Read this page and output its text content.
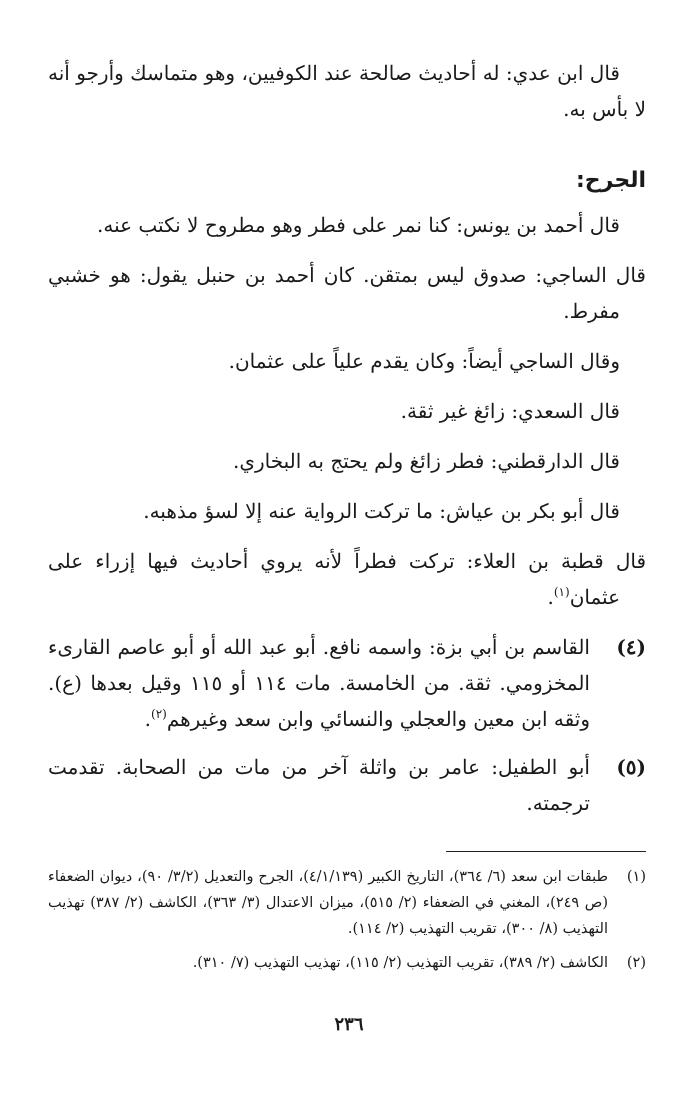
قال ابن عدي: له أحاديث صالحة عند الكوفيين، وهو متماسك وأرجو أنه لا بأس به.

الجرح:

قال أحمد بن يونس: كنا نمر على فطر وهو مطروح لا نكتب عنه.

قال الساجي: صدوق ليس بمتقن. كان أحمد بن حنبل يقول: هو خشبي مفرط.

وقال الساجي أيضاً: وكان يقدم علياً على عثمان.

قال السعدي: زائغ غير ثقة.

قال الدارقطني: فطر زائغ ولم يحتج به البخاري.

قال أبو بكر بن عياش: ما تركت الرواية عنه إلا لسؤ مذهبه.

قال قطبة بن العلاء: تركت فطراً لأنه يروي أحاديث فيها إزراء على عثمان$^{(١)}$.

(٤)

القاسم بن أبي بزة: واسمه نافع. أبو عبد الله أو أبو عاصم القارىء المخزومي. ثقة. من الخامسة. مات ١١٤ أو ١١٥ وقيل بعدها (ع). وثقه ابن معين والعجلي والنسائي وابن سعد وغيرهم$^{(٢)}$.

(٥)

أبو الطفيل: عامر بن واثلة آخر من مات من الصحابة. تقدمت ترجمته.

(١)
طبقات ابن سعد (٦/ ٣٦٤)، التاريخ الكبير (٤/١/١٣٩)، الجرح والتعديل (٣/٢/ ٩٠)، ديوان الضعفاء (ص ٢٤٩)، المغني في الضعفاء (٢/ ٥١٥)، ميزان الاعتدال (٣/ ٣٦٣)، الكاشف (٢/ ٣٨٧) تهذيب التهذيب (٨/ ٣٠٠)، تقريب التهذيب (٢/ ١١٤).
(٢)
الكاشف (٢/ ٣٨٩)، تقريب التهذيب (٢/ ١١٥)، تهذيب التهذيب (٧/ ٣١٠).
٢٣٦
